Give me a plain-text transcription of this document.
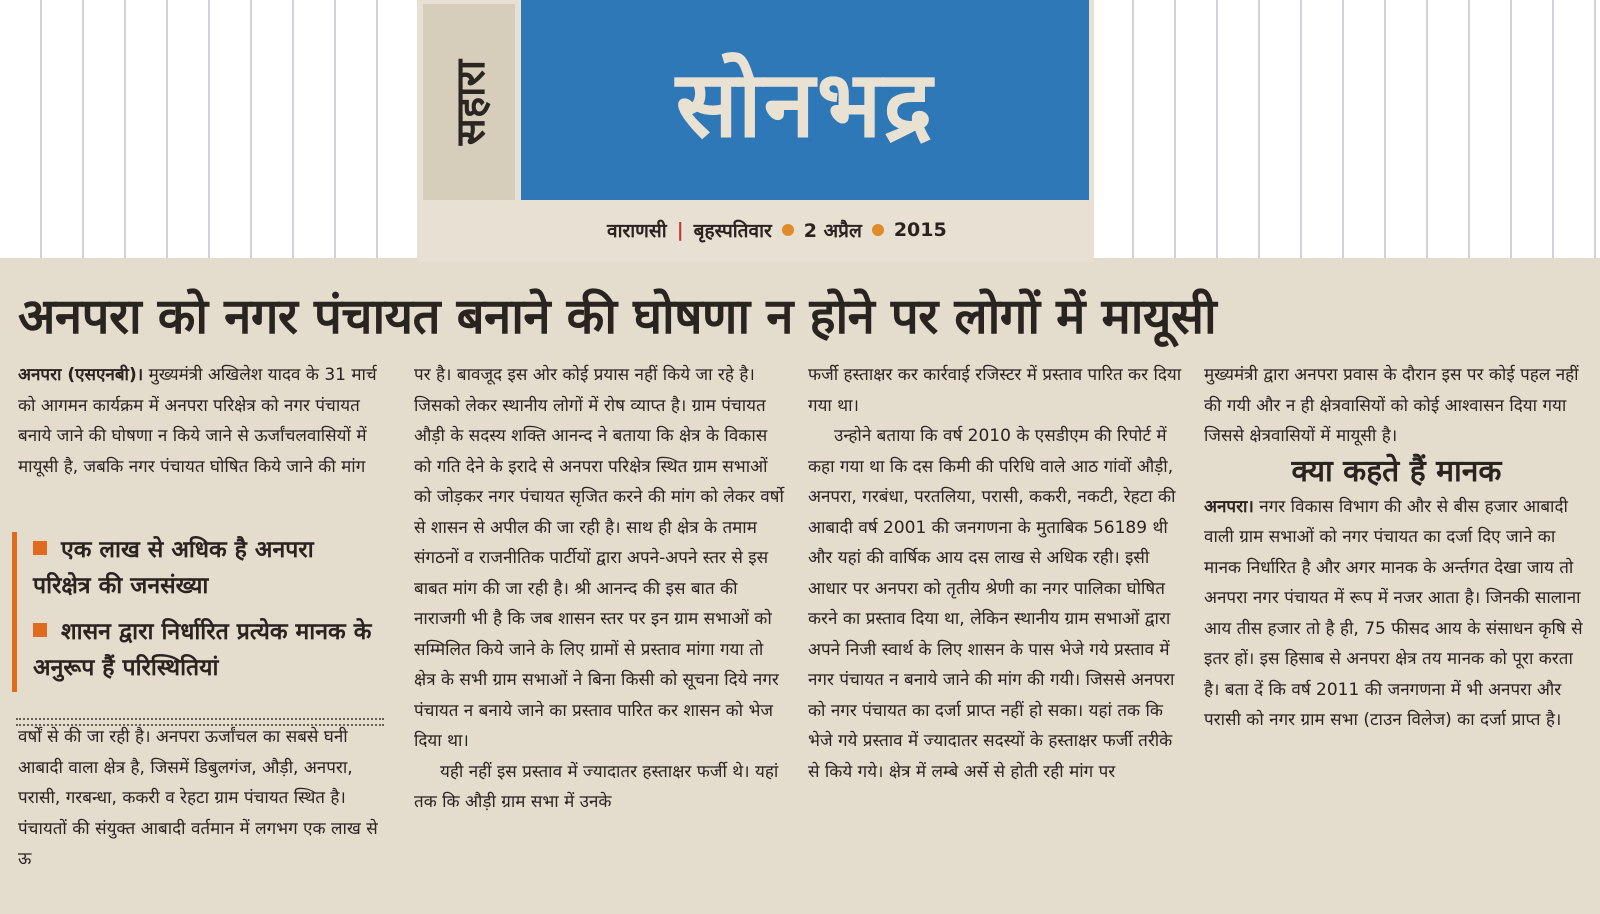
सहारा सोनभद्र
वाराणसी | बृहस्पतिवार 2 अप्रैल 2015
अनपरा को नगर पंचायत बनाने की घोषणा न होने पर लोगों में मायूसी

अनपरा (एसएनबी)। मुख्यमंत्री अखिलेश यादव के 31 मार्च को आगमन कार्यक्रम में अनपरा परिक्षेत्र को नगर पंचायत बनाये जाने की घोषणा न किये जाने से ऊर्जांचलवासियों में मायूसी है, जबकि नगर पंचायत घोषित किये जाने की मांग

एक लाख से अधिक है अनपरा परिक्षेत्र की जनसंख्या

शासन द्वारा निर्धारित प्रत्येक मानक के अनुरूप हैं परिस्थितियां

वर्षों से की जा रही है। अनपरा ऊर्जांचल का सबसे घनी आबादी वाला क्षेत्र है, जिसमें डिबुलगंज, औड़ी, अनपरा, परासी, गरबन्धा, ककरी व रेहटा ग्राम पंचायत स्थित है। पंचायतों की संयुक्त आबादी वर्तमान में लगभग एक लाख से ऊ

पर है। बावजूद इस ओर कोई प्रयास नहीं किये जा रहे है। जिसको लेकर स्थानीय लोगों में रोष व्याप्त है। ग्राम पंचायत औड़ी के सदस्य शक्ति आनन्द ने बताया कि क्षेत्र के विकास को गति देने के इरादे से अनपरा परिक्षेत्र स्थित ग्राम सभाओं को जोड़कर नगर पंचायत सृजित करने की मांग को लेकर वर्षो से शासन से अपील की जा रही है। साथ ही क्षेत्र के तमाम संगठनों व राजनीतिक पार्टीयों द्वारा अपने-अपने स्तर से इस बाबत मांग की जा रही है। श्री आनन्द की इस बात की नाराजगी भी है कि जब शासन स्तर पर इन ग्राम सभाओं को सम्मिलित किये जाने के लिए ग्रामों से प्रस्ताव मांगा गया तो क्षेत्र के सभी ग्राम सभाओं ने बिना किसी को सूचना दिये नगर पंचायत न बनाये जाने का प्रस्ताव पारित कर शासन को भेज दिया था।

यही नहीं इस प्रस्ताव में ज्यादातर हस्ताक्षर फर्जी थे। यहां तक कि औड़ी ग्राम सभा में उनके

फर्जी हस्ताक्षर कर कार्रवाई रजिस्टर में प्रस्ताव पारित कर दिया गया था।

उन्होने बताया कि वर्ष 2010 के एसडीएम की रिपोर्ट में कहा गया था कि दस किमी की परिधि वाले आठ गांवों औड़ी, अनपरा, गरबंधा, परतलिया, परासी, ककरी, नकटी, रेहटा की आबादी वर्ष 2001 की जनगणना के मुताबिक 56189 थी और यहां की वार्षिक आय दस लाख से अधिक रही। इसी आधार पर अनपरा को तृतीय श्रेणी का नगर पालिका घोषित करने का प्रस्ताव दिया था, लेकिन स्थानीय ग्राम सभाओं द्वारा अपने निजी स्वार्थ के लिए शासन के पास भेजे गये प्रस्ताव में नगर पंचायत न बनाये जाने की मांग की गयी। जिससे अनपरा को नगर पंचायत का दर्जा प्राप्त नहीं हो सका। यहां तक कि भेजे गये प्रस्ताव में ज्यादातर सदस्यों के हस्ताक्षर फर्जी तरीके से किये गये। क्षेत्र में लम्बे अर्से से होती रही मांग पर

मुख्यमंत्री द्वारा अनपरा प्रवास के दौरान इस पर कोई पहल नहीं की गयी और न ही क्षेत्रवासियों को कोई आश्वासन दिया गया जिससे क्षेत्रवासियों में मायूसी है।

क्या कहते हैं मानक

अनपरा। नगर विकास विभाग की और से बीस हजार आबादी वाली ग्राम सभाओं को नगर पंचायत का दर्जा दिए जाने का मानक निर्धारित है और अगर मानक के अर्न्तगत देखा जाय तो अनपरा नगर पंचायत में रूप में नजर आता है। जिनकी सालाना आय तीस हजार तो है ही, 75 फीसद आय के संसाधन कृषि से इतर हों। इस हिसाब से अनपरा क्षेत्र तय मानक को पूरा करता है। बता दें कि वर्ष 2011 की जनगणना में भी अनपरा और परासी को नगर ग्राम सभा (टाउन विलेज) का दर्जा प्राप्त है।
